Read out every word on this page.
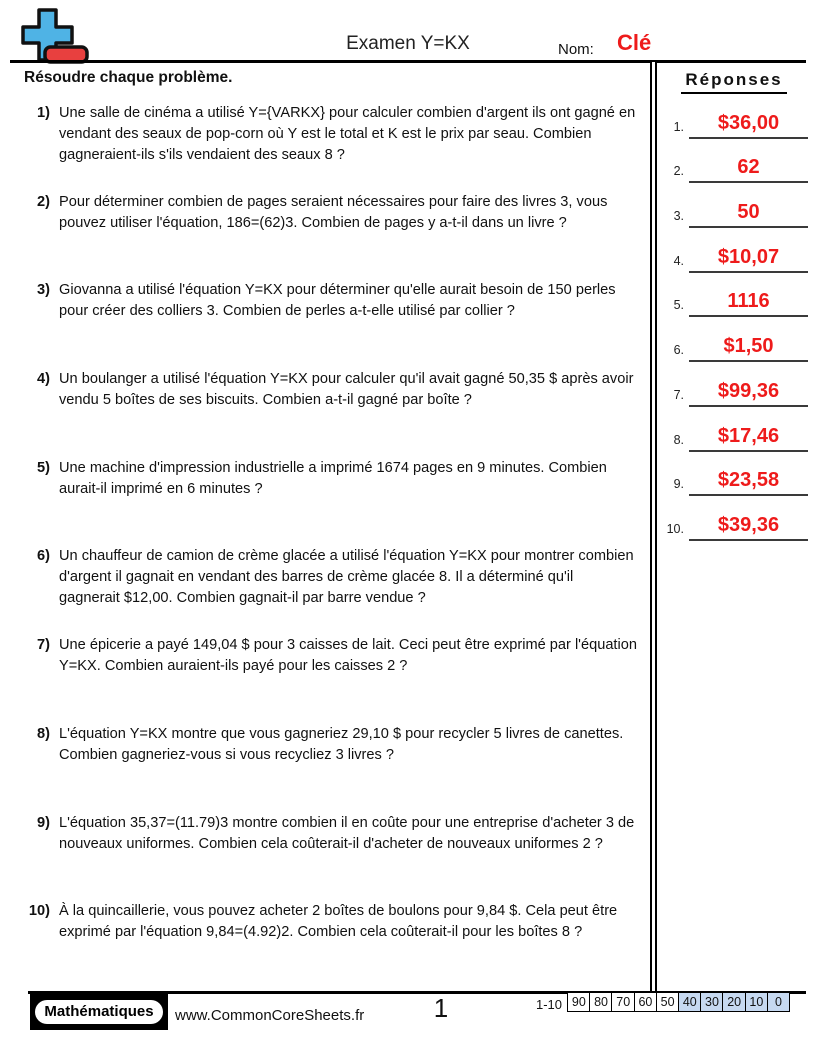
Examen Y=KX	Nom: Clé
Résoudre chaque problème.
1) Une salle de cinéma a utilisé Y={VARKX} pour calculer combien d'argent ils ont gagné en vendant des seaux de pop-corn où Y est le total et K est le prix par seau. Combien gagneraient-ils s'ils vendaient des seaux 8 ?
2) Pour déterminer combien de pages seraient nécessaires pour faire des livres 3, vous pouvez utiliser l'équation, 186=(62)3. Combien de pages y a-t-il dans un livre ?
3) Giovanna a utilisé l'équation Y=KX pour déterminer qu'elle aurait besoin de 150 perles pour créer des colliers 3. Combien de perles a-t-elle utilisé par collier ?
4) Un boulanger a utilisé l'équation Y=KX pour calculer qu'il avait gagné 50,35 $ après avoir vendu 5 boîtes de ses biscuits. Combien a-t-il gagné par boîte ?
5) Une machine d'impression industrielle a imprimé 1674 pages en 9 minutes. Combien aurait-il imprimé en 6 minutes ?
6) Un chauffeur de camion de crème glacée a utilisé l'équation Y=KX pour montrer combien d'argent il gagnait en vendant des barres de crème glacée 8. Il a déterminé qu'il gagnerait $12,00. Combien gagnait-il par barre vendue ?
7) Une épicerie a payé 149,04 $ pour 3 caisses de lait. Ceci peut être exprimé par l'équation Y=KX. Combien auraient-ils payé pour les caisses 2 ?
8) L'équation Y=KX montre que vous gagneriez 29,10 $ pour recycler 5 livres de canettes. Combien gagneriez-vous si vous recycliez 3 livres ?
9) L'équation 35,37=(11.79)3 montre combien il en coûte pour une entreprise d'acheter 3 de nouveaux uniformes. Combien cela coûterait-il d'acheter de nouveaux uniformes 2 ?
10) À la quincaillerie, vous pouvez acheter 2 boîtes de boulons pour 9,84 $. Cela peut être exprimé par l'équation 9,84=(4.92)2. Combien cela coûterait-il pour les boîtes 8 ?
Réponses
1.	$36,00
2.	62
3.	50
4.	$10,07
5.	1116
6.	$1,50
7.	$99,36
8.	$17,46
9.	$23,58
10.	$39,36
Mathématiques	www.CommonCoreSheets.fr	1	1-10 90 80 70 60 50 40 30 20 10 0
